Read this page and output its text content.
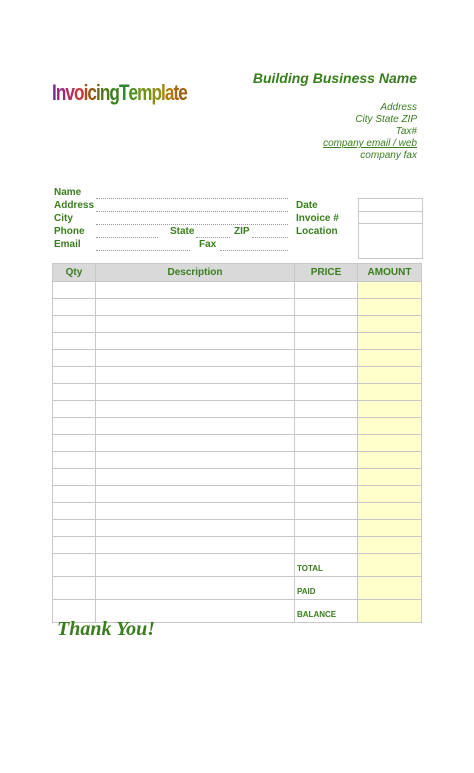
InvoicingTemplate
Building Business Name
Address
City State ZIP
Tax#
company email / web
company fax
Name
Address
City
Phone	State	ZIP
Email	Fax
Date
Invoice #
Location
Qty	Description	PRICE	AMOUNT

		TOTAL	
		PAID	
		BALANCE	
Thank You!
